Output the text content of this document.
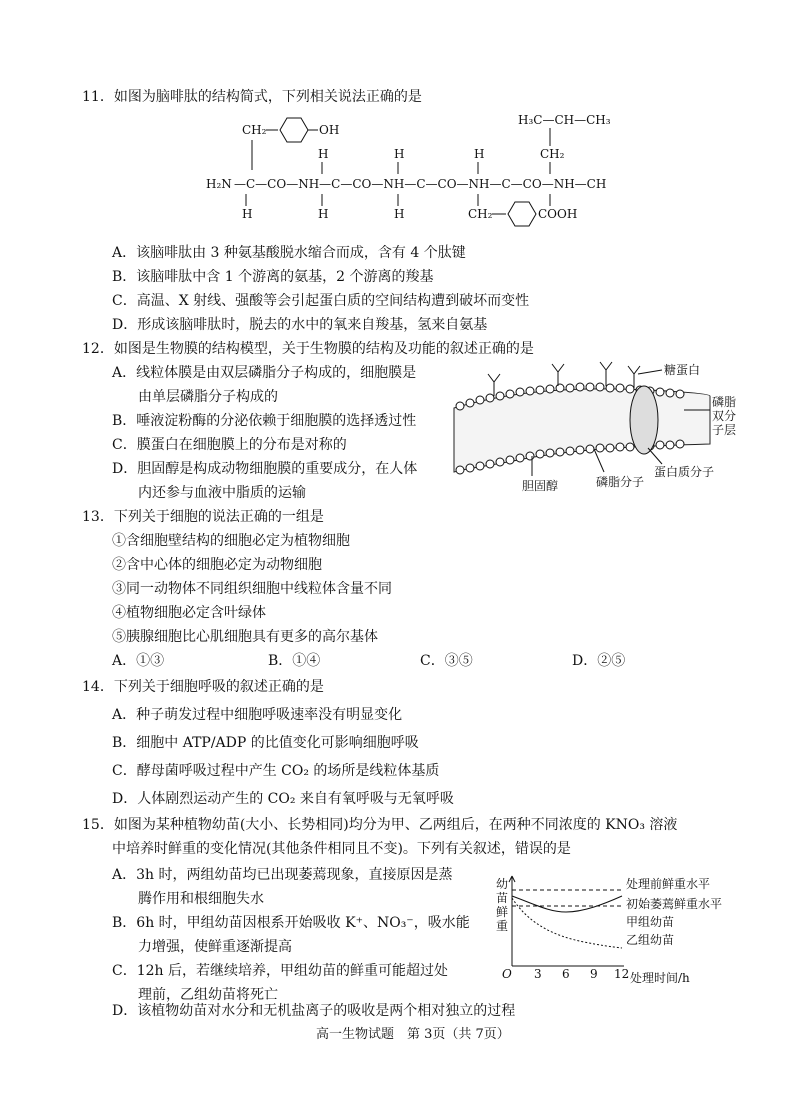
11．如图为脑啡肽的结构简式，下列相关说法正确的是
CH₂	OH
H₃C—CH—CH₃
CH₂
H	H	H
H₂N —C—CO—NH—C—CO—NH—C—CO—NH—C—CO—NH—CH
H	H	H	CH₂	COOH
A．该脑啡肽由 3 种氨基酸脱水缩合而成，含有 4 个肽键
B．该脑啡肽中含 1 个游离的氨基，2 个游离的羧基
C．高温、X 射线、强酸等会引起蛋白质的空间结构遭到破坏而变性
D．形成该脑啡肽时，脱去的水中的氧来自羧基，氢来自氨基
12．如图是生物膜的结构模型，关于生物膜的结构及功能的叙述正确的是
A．线粒体膜是由双层磷脂分子构成的，细胞膜是
由单层磷脂分子构成的
B．唾液淀粉酶的分泌依赖于细胞膜的选择透过性
C．膜蛋白在细胞膜上的分布是对称的
D．胆固醇是构成动物细胞膜的重要成分，在人体
内还参与血液中脂质的运输
糖蛋白
磷脂
双分
子层
蛋白质分子
胆固醇	磷脂分子
13．下列关于细胞的说法正确的一组是
①含细胞壁结构的细胞必定为植物细胞
②含中心体的细胞必定为动物细胞
③同一动物体不同组织细胞中线粒体含量不同
④植物细胞必定含叶绿体
⑤胰腺细胞比心肌细胞具有更多的高尔基体
A．①③	B．①④	C．③⑤	D．②⑤
14．下列关于细胞呼吸的叙述正确的是
A．种子萌发过程中细胞呼吸速率没有明显变化
B．细胞中 ATP/ADP 的比值变化可影响细胞呼吸
C．酵母菌呼吸过程中产生 CO₂ 的场所是线粒体基质
D．人体剧烈运动产生的 CO₂ 来自有氧呼吸与无氧呼吸
15．如图为某种植物幼苗(大小、长势相同)均分为甲、乙两组后，在两种不同浓度的 KNO₃ 溶液
中培养时鲜重的变化情况(其他条件相同且不变)。下列有关叙述，错误的是
A．3h 时，两组幼苗均已出现萎蔫现象，直接原因是蒸
腾作用和根细胞失水
B．6h 时，甲组幼苗因根系开始吸收 K⁺、NO₃⁻，吸水能
力增强，使鲜重逐渐提高
C．12h 后，若继续培养，甲组幼苗的鲜重可能超过处
理前，乙组幼苗将死亡
D．该植物幼苗对水分和无机盐离子的吸收是两个相对独立的过程
幼
苗
鲜
重
O 3 6 9 12 处理时间/h
处理前鲜重水平
初始萎蔫鲜重水平
甲组幼苗
乙组幼苗
高一生物试题　第 3页（共 7页）
